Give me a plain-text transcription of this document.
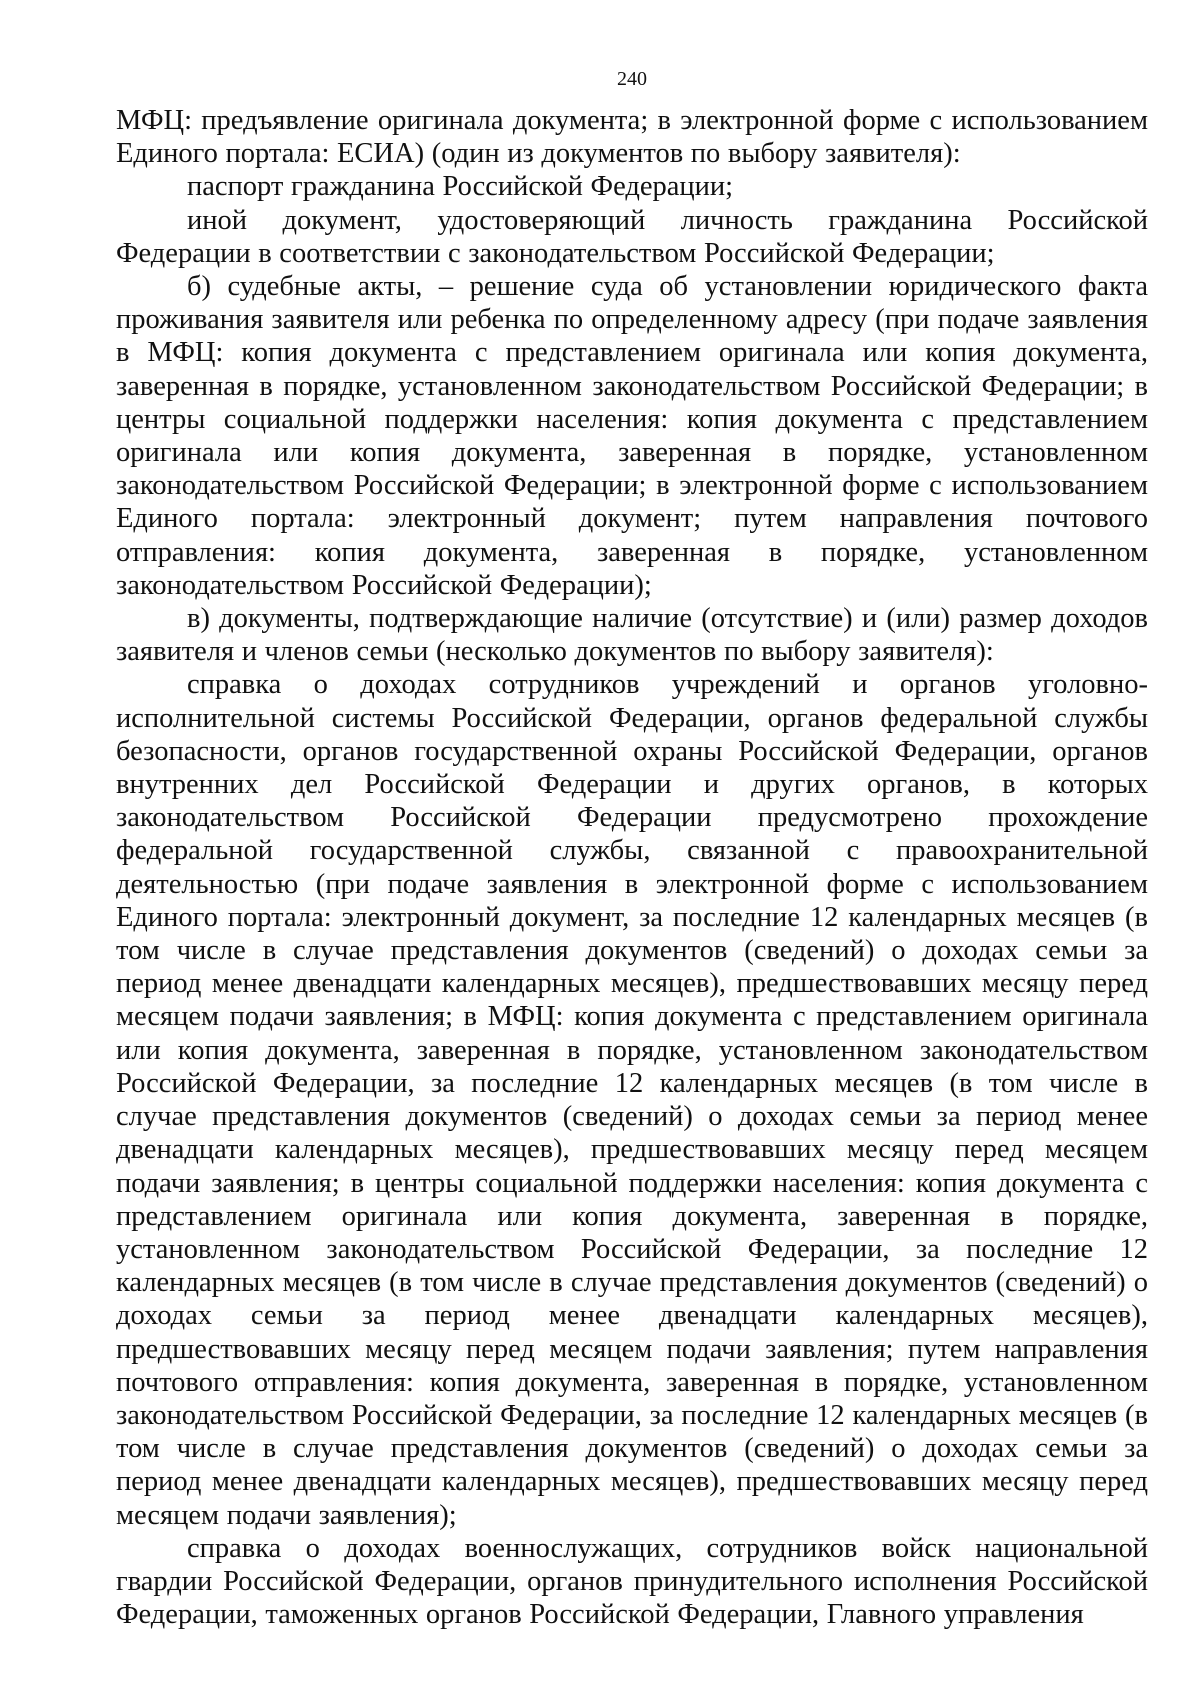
240

МФЦ: предъявление оригинала документа; в электронной форме с использованием Единого портала: ЕСИА) (один из документов по выбору заявителя):

паспорт гражданина Российской Федерации;

иной документ, удостоверяющий личность гражданина Российской Федерации в соответствии с законодательством Российской Федерации;

б) судебные акты, – решение суда об установлении юридического факта проживания заявителя или ребенка по определенному адресу (при подаче заявления в МФЦ: копия документа с представлением оригинала или копия документа, заверенная в порядке, установленном законодательством Российской Федерации; в центры социальной поддержки населения: копия документа с представлением оригинала или копия документа, заверенная в порядке, установленном законодательством Российской Федерации; в электронной форме с использованием Единого портала: электронный документ; путем направления почтового отправления: копия документа, заверенная в порядке, установленном законодательством Российской Федерации);

в) документы, подтверждающие наличие (отсутствие) и (или) размер доходов заявителя и членов семьи (несколько документов по выбору заявителя):

справка о доходах сотрудников учреждений и органов уголовно-исполнительной системы Российской Федерации, органов федеральной службы безопасности, органов государственной охраны Российской Федерации, органов внутренних дел Российской Федерации и других органов, в которых законодательством Российской Федерации предусмотрено прохождение федеральной государственной службы, связанной с правоохранительной деятельностью (при подаче заявления в электронной форме с использованием Единого портала: электронный документ, за последние 12 календарных месяцев (в том числе в случае представления документов (сведений) о доходах семьи за период менее двенадцати календарных месяцев), предшествовавших месяцу перед месяцем подачи заявления; в МФЦ: копия документа с представлением оригинала или копия документа, заверенная в порядке, установленном законодательством Российской Федерации, за последние 12 календарных месяцев (в том числе в случае представления документов (сведений) о доходах семьи за период менее двенадцати календарных месяцев), предшествовавших месяцу перед месяцем подачи заявления; в центры социальной поддержки населения: копия документа с представлением оригинала или копия документа, заверенная в порядке, установленном законодательством Российской Федерации, за последние 12 календарных месяцев (в том числе в случае представления документов (сведений) о доходах семьи за период менее двенадцати календарных месяцев), предшествовавших месяцу перед месяцем подачи заявления; путем направления почтового отправления: копия документа, заверенная в порядке, установленном законодательством Российской Федерации, за последние 12 календарных месяцев (в том числе в случае представления документов (сведений) о доходах семьи за период менее двенадцати календарных месяцев), предшествовавших месяцу перед месяцем подачи заявления);

справка о доходах военнослужащих, сотрудников войск национальной гвардии Российской Федерации, органов принудительного исполнения Российской Федерации, таможенных органов Российской Федерации, Главного управления
